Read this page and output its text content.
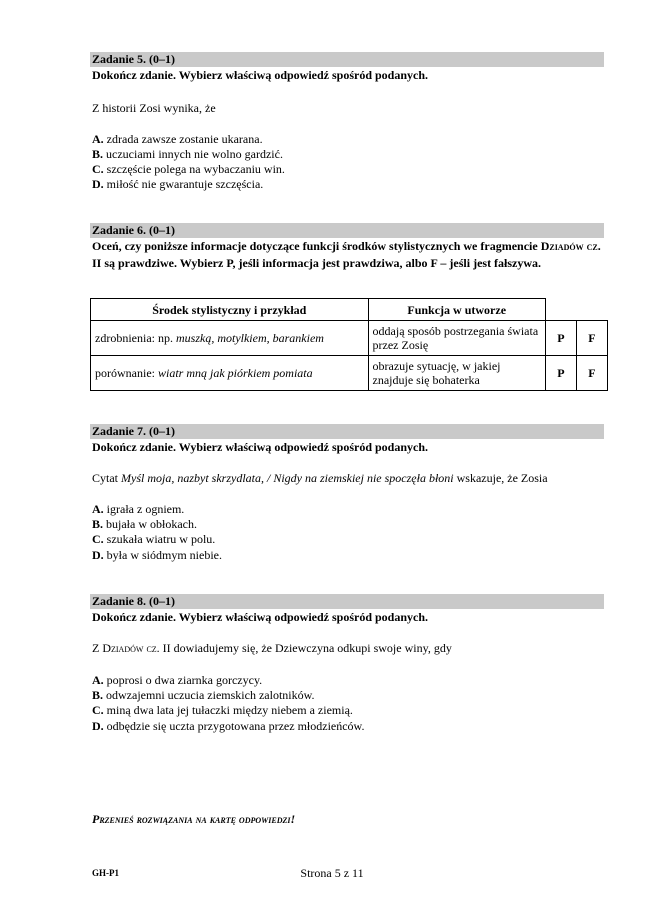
Zadanie 5. (0–1)
Dokończ zdanie. Wybierz właściwą odpowiedź spośród podanych.
Z historii Zosi wynika, że
A. zdrada zawsze zostanie ukarana.
B. uczuciami innych nie wolno gardzić.
C. szczęście polega na wybaczaniu win.
D. miłość nie gwarantuje szczęścia.
Zadanie 6. (0–1)
Oceń, czy poniższe informacje dotyczące funkcji środków stylistycznych we fragmencie Dziadów cz. II są prawdziwe. Wybierz P, jeśli informacja jest prawdziwa, albo F – jeśli jest fałszywa.
Środek stylistyczny i przykład	Funkcja w utworze		
zdrobnienia: np. muszką, motylkiem, barankiem	oddają sposób postrzegania świata przez Zosię	P	F
porównanie: wiatr mną jak piórkiem pomiata	obrazuje sytuację, w jakiej znajduje się bohaterka	P	F
Zadanie 7. (0–1)
Dokończ zdanie. Wybierz właściwą odpowiedź spośród podanych.
Cytat Myśl moja, nazbyt skrzydlata, / Nigdy na ziemskiej nie spoczęła błoni wskazuje, że Zosia
A. igrała z ogniem.
B. bujała w obłokach.
C. szukała wiatru w polu.
D. była w siódmym niebie.
Zadanie 8. (0–1)
Dokończ zdanie. Wybierz właściwą odpowiedź spośród podanych.
Z Dziadów cz. II dowiadujemy się, że Dziewczyna odkupi swoje winy, gdy
A. poprosi o dwa ziarnka gorczycy.
B. odwzajemni uczucia ziemskich zalotników.
C. miną dwa lata jej tułaczki między niebem a ziemią.
D. odbędzie się uczta przygotowana przez młodzieńców.
Przenieś rozwiązania na kartę odpowiedzi!
GH-P1	Strona 5 z 11
